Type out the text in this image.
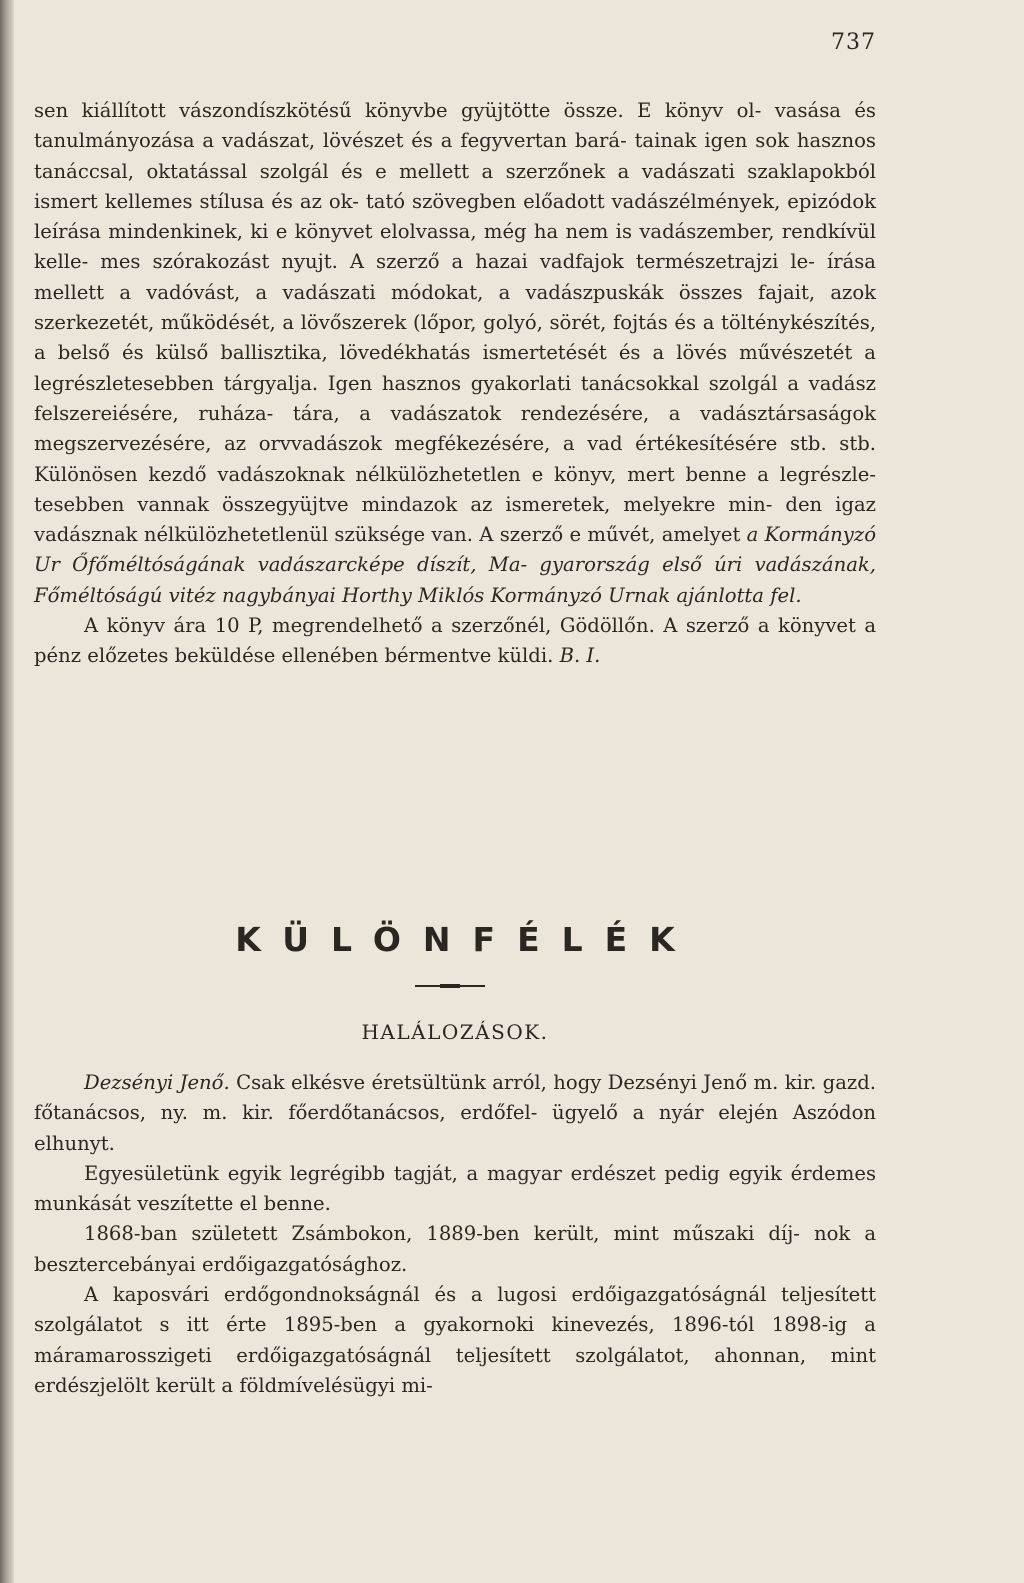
737

sen kiállított vászondíszkötésű könyvbe gyüjtötte össze. E könyv ol- vasása és tanulmányozása a vadászat, lövészet és a fegyvertan bará- tainak igen sok hasznos tanáccsal, oktatással szolgál és e mellett a szerzőnek a vadászati szaklapokból ismert kellemes stílusa és az ok- tató szövegben előadott vadászélmények, epizódok leírása mindenkinek, ki e könyvet elolvassa, még ha nem is vadászember, rendkívül kelle- mes szórakozást nyujt. A szerző a hazai vadfajok természetrajzi le- írása mellett a vadóvást, a vadászati módokat, a vadászpuskák összes fajait, azok szerkezetét, működését, a lövőszerek (lőpor, golyó, sörét, fojtás és a tölténykészítés, a belső és külső ballisztika, lövedékhatás ismertetését és a lövés művészetét a legrészletesebben tárgyalja. Igen hasznos gyakorlati tanácsokkal szolgál a vadász felszereiésére, ruháza- tára, a vadászatok rendezésére, a vadásztársaságok megszervezésére, az orvvadászok megfékezésére, a vad értékesítésére stb. stb. Különösen kezdő vadászoknak nélkülözhetetlen e könyv, mert benne a legrészle- tesebben vannak összegyüjtve mindazok az ismeretek, melyekre min- den igaz vadásznak nélkülözhetetlenül szüksége van. A szerző e művét, amelyet a Kormányzó Ur Őfőméltóságának vadászarcképe díszít, Ma- gyarország első úri vadászának, Főméltóságú vitéz nagybányai Horthy Miklós Kormányzó Urnak ajánlotta fel.

A könyv ára 10 P, megrendelhető a szerzőnél, Gödöllőn. A szerző a könyvet a pénz előzetes beküldése ellenében bérmentve küldi. B. I.

KÜLÖNFÉLÉK
HALÁLOZÁSOK.

Dezsényi Jenő. Csak elkésve éretsültünk arról, hogy Dezsényi Jenő m. kir. gazd. főtanácsos, ny. m. kir. főerdőtanácsos, erdőfel- ügyelő a nyár elején Aszódon elhunyt.

Egyesületünk egyik legrégibb tagját, a magyar erdészet pedig egyik érdemes munkását veszítette el benne.

1868-ban született Zsámbokon, 1889-ben került, mint műszaki díj- nok a besztercebányai erdőigazgatósághoz.

A kaposvári erdőgondnokságnál és a lugosi erdőigazgatóságnál teljesített szolgálatot s itt érte 1895-ben a gyakornoki kinevezés, 1896-tól 1898-ig a máramarosszigeti erdőigazgatóságnál teljesített szolgálatot, ahonnan, mint erdészjelölt került a földmívelésügyi mi-
